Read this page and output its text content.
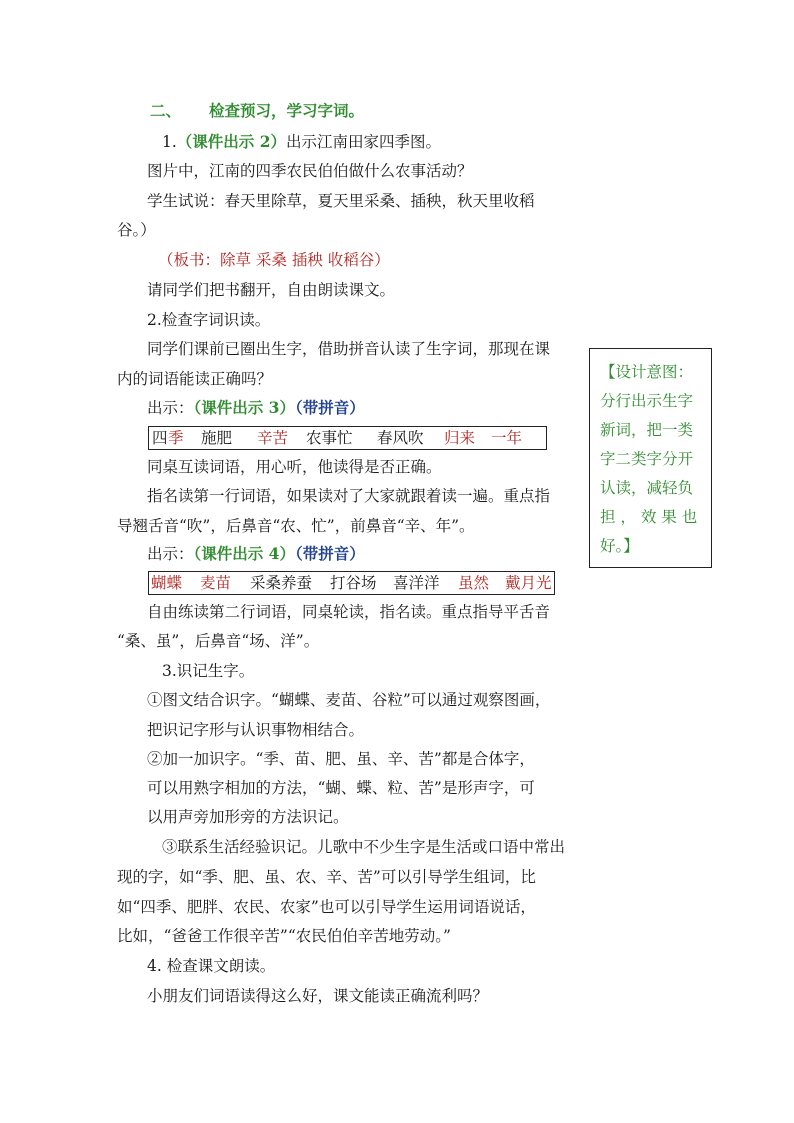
二、 检查预习，学习字词。
1.（课件出示 2）出示江南田家四季图。
图片中，江南的四季农民伯伯做什么农事活动？
学生试说：春天里除草，夏天里采桑、插秧，秋天里收稻
谷。）
（板书：除草 采桑 插秧 收稻谷）
请同学们把书翻开，自由朗读课文。
2.检查字词识读。
同学们课前已圈出生字，借助拼音认读了生字词，那现在课
内的词语能读正确吗？
出示：（课件出示 3）（带拼音）
四 季 施肥 辛苦 农事忙 春风吹 归来 一年
同桌互读词语，用心听，他读得是否正确。
指名读第一行词语，如果读对了大家就跟着读一遍。重点指
导翘舌音“吹”，后鼻音“农、忙”，前鼻音“辛、年”。
出示：（课件出示 4）（带拼音）
蝴蝶 麦苗 采桑养蚕 打谷场 喜洋洋 虽然 戴月光
自由练读第二行词语，同桌轮读，指名读。重点指导平舌音
“桑、虽”，后鼻音“场、洋”。
3.识记生字。
①图文结合识字。“蝴蝶、麦苗、谷粒”可以通过观察图画，
把识记字形与认识事物相结合。
②加一加识字。“季、苗、肥、虽、辛、苦”都是合体字，
可以用熟字相加的方法，“蝴、蝶、粒、苦”是形声字，可
以用声旁加形旁的方法识记。
③联系生活经验识记。儿歌中不少生字是生活或口语中常出
现的字，如“季、肥、虽、农、辛、苦”可以引导学生组词，比
如“四季、肥胖、农民、农家”也可以引导学生运用词语说话，
比如，“爸爸工作很辛苦”“农民伯伯辛苦地劳动。”
4. 检查课文朗读。
小朋友们词语读得这么好，课文能读正确流利吗？
【设计意图：
分行出示生字
新词，把一类
字二类字分开
认读，减轻负
担 ， 效 果 也
好。】
